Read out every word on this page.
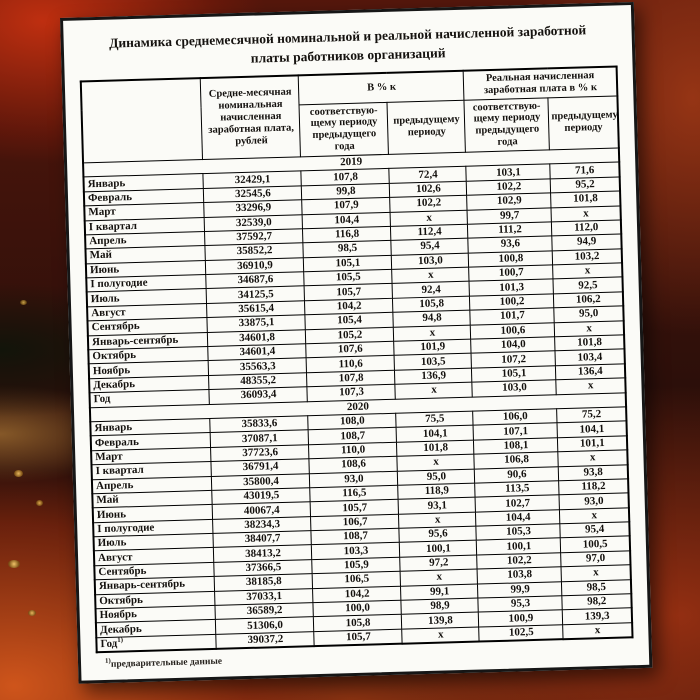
Динамика среднемесячной номинальной и реальной начисленной заработной платы работников организаций
	Средне-месячная номинальная начисленная заработная плата, рублей	В % к		Реальная начисленная заработная плата в % к	
		соответствую-щему периоду предыдущего года	предыдущему периоду	соответствую-щему периоду предыдущего года	предыдущему периоду
2019					
Январь	32429,1	107,8	72,4	103,1	71,6
Февраль	32545,6	99,8	102,6	102,2	95,2
Март	33296,9	107,9	102,2	102,9	101,8
I квартал	32539,0	104,4	х	99,7	х
Апрель	37592,7	116,8	112,4	111,2	112,0
Май	35852,2	98,5	95,4	93,6	94,9
Июнь	36910,9	105,1	103,0	100,8	103,2
I полугодие	34687,6	105,5	х	100,7	х
Июль	34125,5	105,7	92,4	101,3	92,5
Август	35615,4	104,2	105,8	100,2	106,2
Сентябрь	33875,1	105,4	94,8	101,7	95,0
Январь-сентябрь	34601,8	105,2	х	100,6	х
Октябрь	34601,4	107,6	101,9	104,0	101,8
Ноябрь	35563,3	110,6	103,5	107,2	103,4
Декабрь	48355,2	107,8	136,9	105,1	136,4
Год	36093,4	107,3	х	103,0	х
2020					
Январь	35833,6	108,0	75,5	106,0	75,2
Февраль	37087,1	108,7	104,1	107,1	104,1
Март	37723,6	110,0	101,8	108,1	101,1
I квартал	36791,4	108,6	х	106,8	х
Апрель	35800,4	93,0	95,0	90,6	93,8
Май	43019,5	116,5	118,9	113,5	118,2
Июнь	40067,4	105,7	93,1	102,7	93,0
I полугодие	38234,3	106,7	х	104,4	х
Июль	38407,7	108,7	95,6	105,3	95,4
Август	38413,2	103,3	100,1	100,1	100,5
Сентябрь	37366,5	105,9	97,2	102,2	97,0
Январь-сентябрь	38185,8	106,5	х	103,8	х
Октябрь	37033,1	104,2	99,1	99,9	98,5
Ноябрь	36589,2	100,0	98,9	95,3	98,2
Декабрь	51306,0	105,8	139,8	100,9	139,3
Год$^{1)}$	39037,2	105,7	х	102,5	х
$^{1)}$предварительные данные
